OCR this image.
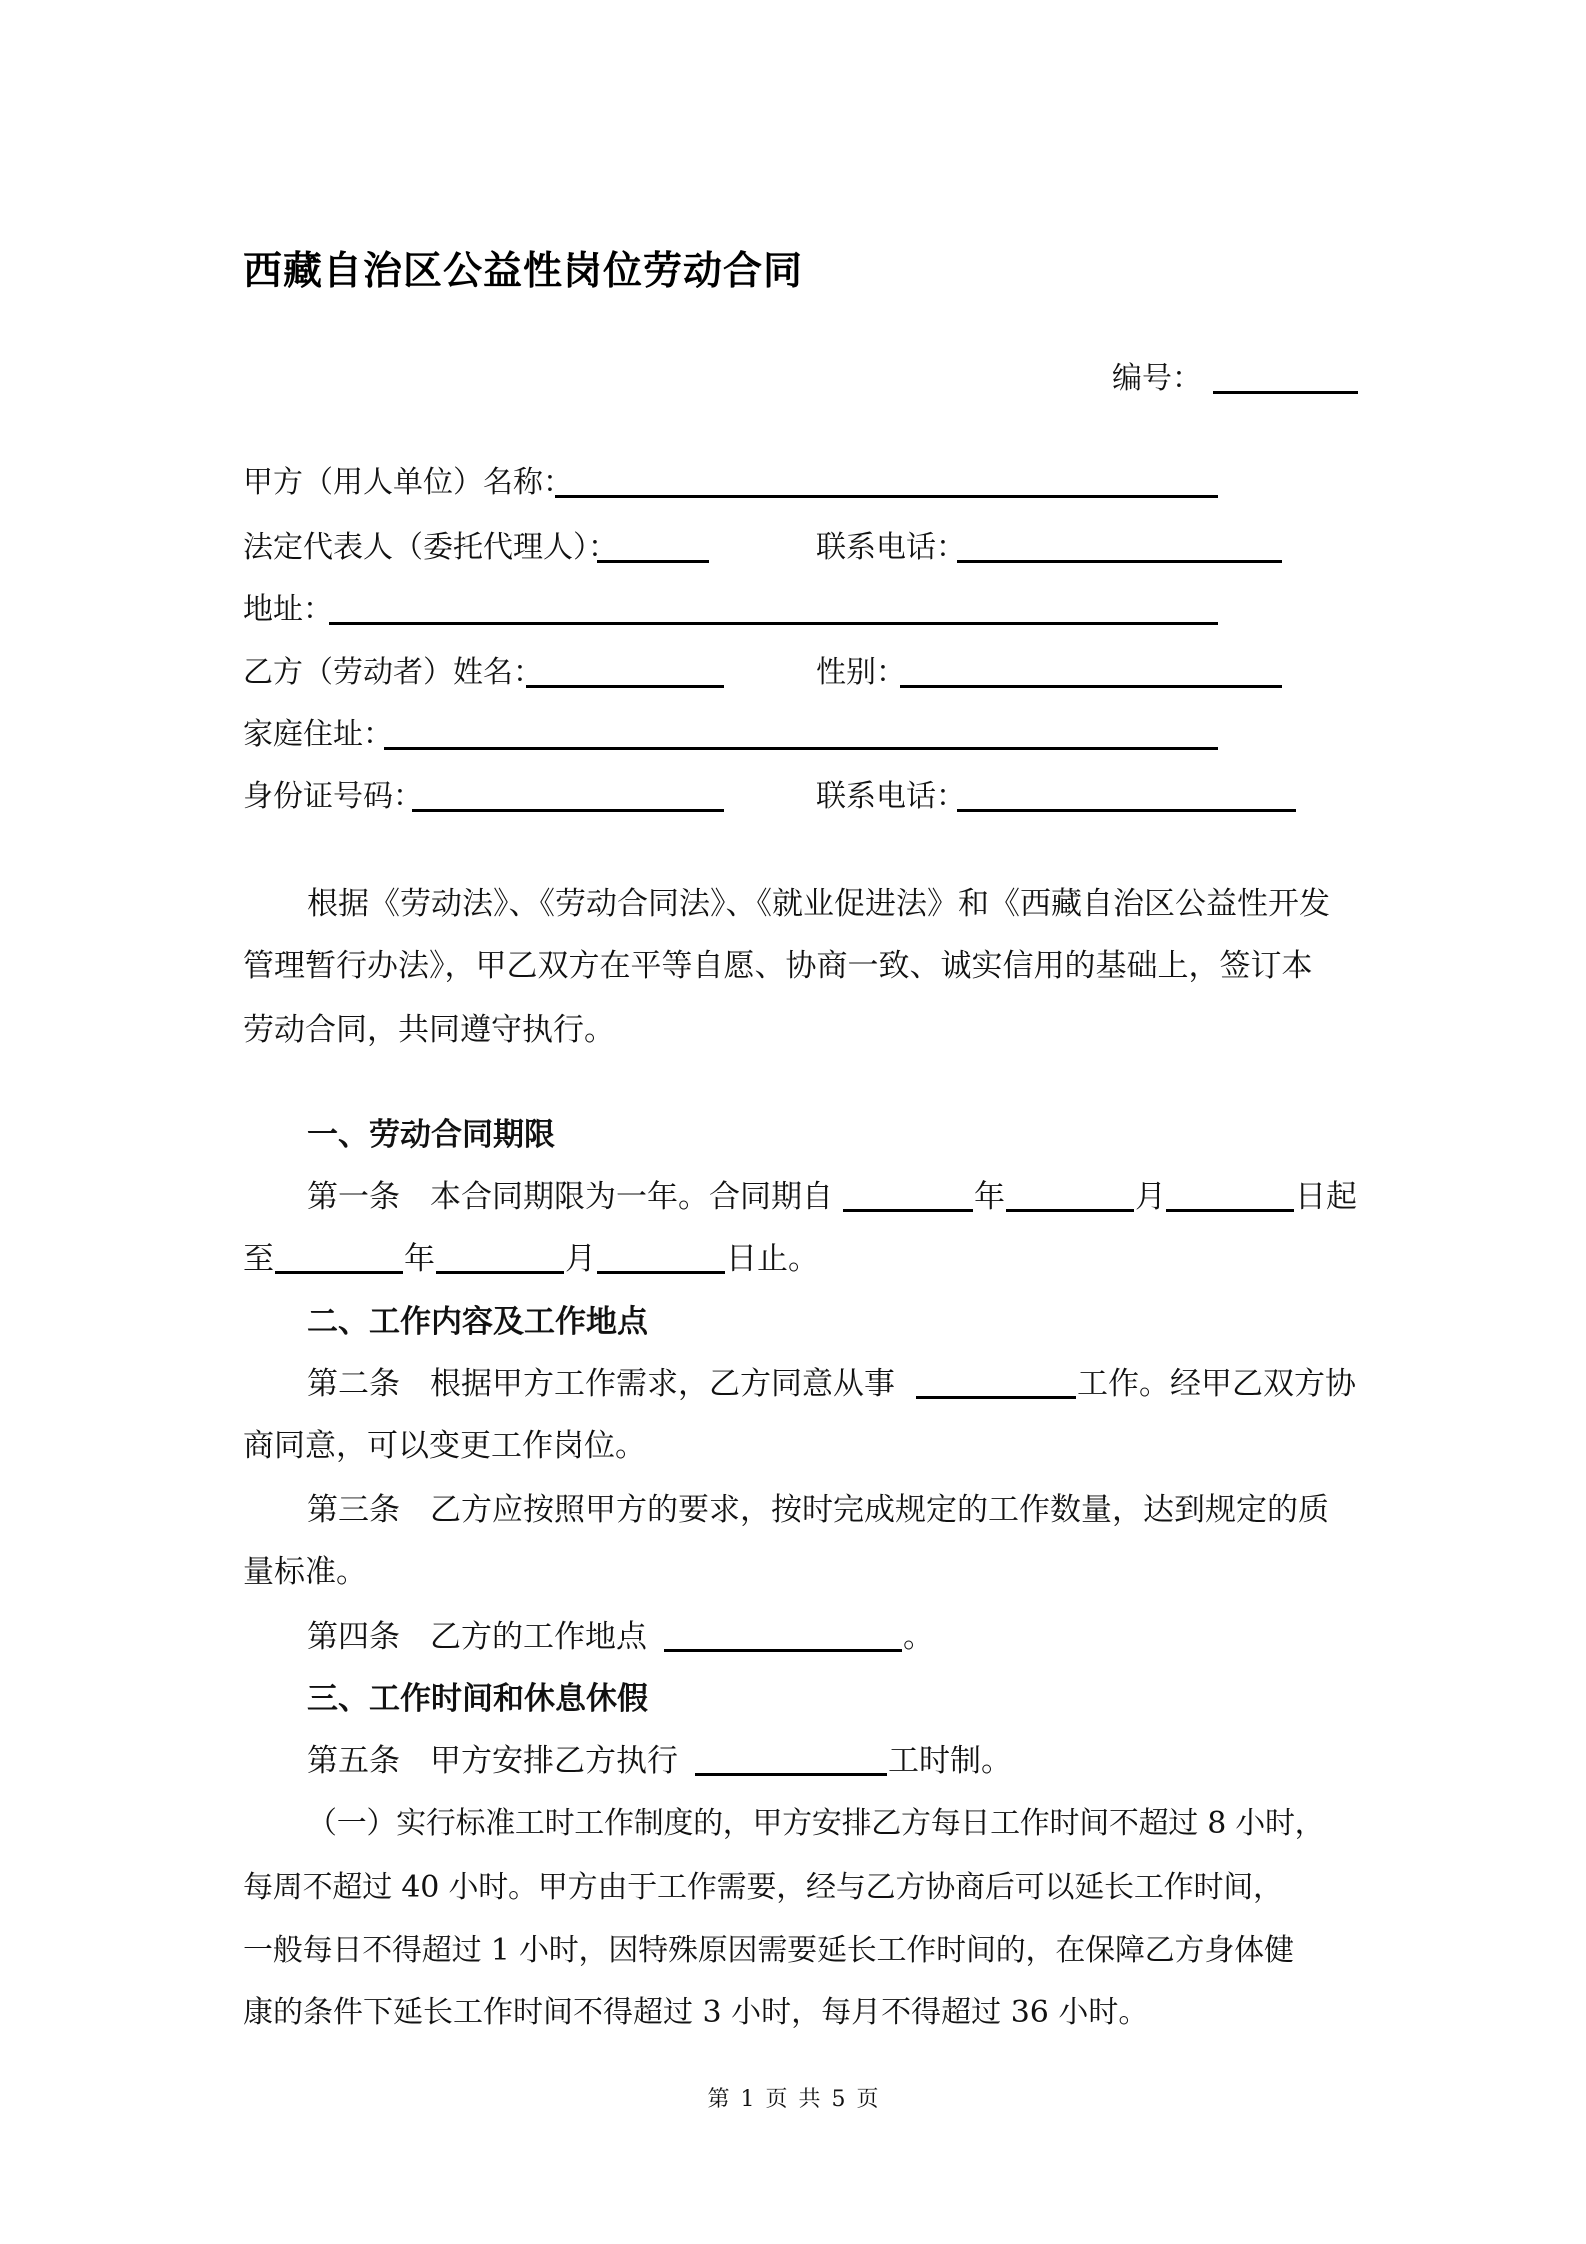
西藏自治区公益性岗位劳动合同
编号：
甲方（用人单位）名称：
法定代表人（委托代理人）：	联系电话：
地址：
乙方（劳动者）姓名：	性别：
家庭住址：
身份证号码：	联系电话：
根据《劳动法》、《劳动合同法》、《就业促进法》和《西藏自治区公益性开发
管理暂行办法》，甲乙双方在平等自愿、协商一致、诚实信用的基础上，签订本
劳动合同，共同遵守执行。
一、劳动合同期限
第一条 本合同期限为一年。合同期自	年	月	日起
至	年	月	日止。
二、工作内容及工作地点
第二条 根据甲方工作需求，乙方同意从事	工作。经甲乙双方协
商同意，可以变更工作岗位。
第三条 乙方应按照甲方的要求，按时完成规定的工作数量，达到规定的质
量标准。
第四条 乙方的工作地点	。
三、工作时间和休息休假
第五条 甲方安排乙方执行	工时制。
（一）实行标准工时工作制度的，甲方安排乙方每日工作时间不超过 8 小时，
每周不超过 40 小时。甲方由于工作需要，经与乙方协商后可以延长工作时间，
一般每日不得超过 1 小时，因特殊原因需要延长工作时间的，在保障乙方身体健
康的条件下延长工作时间不得超过 3 小时，每月不得超过 36 小时。
第 1 页 共 5 页
